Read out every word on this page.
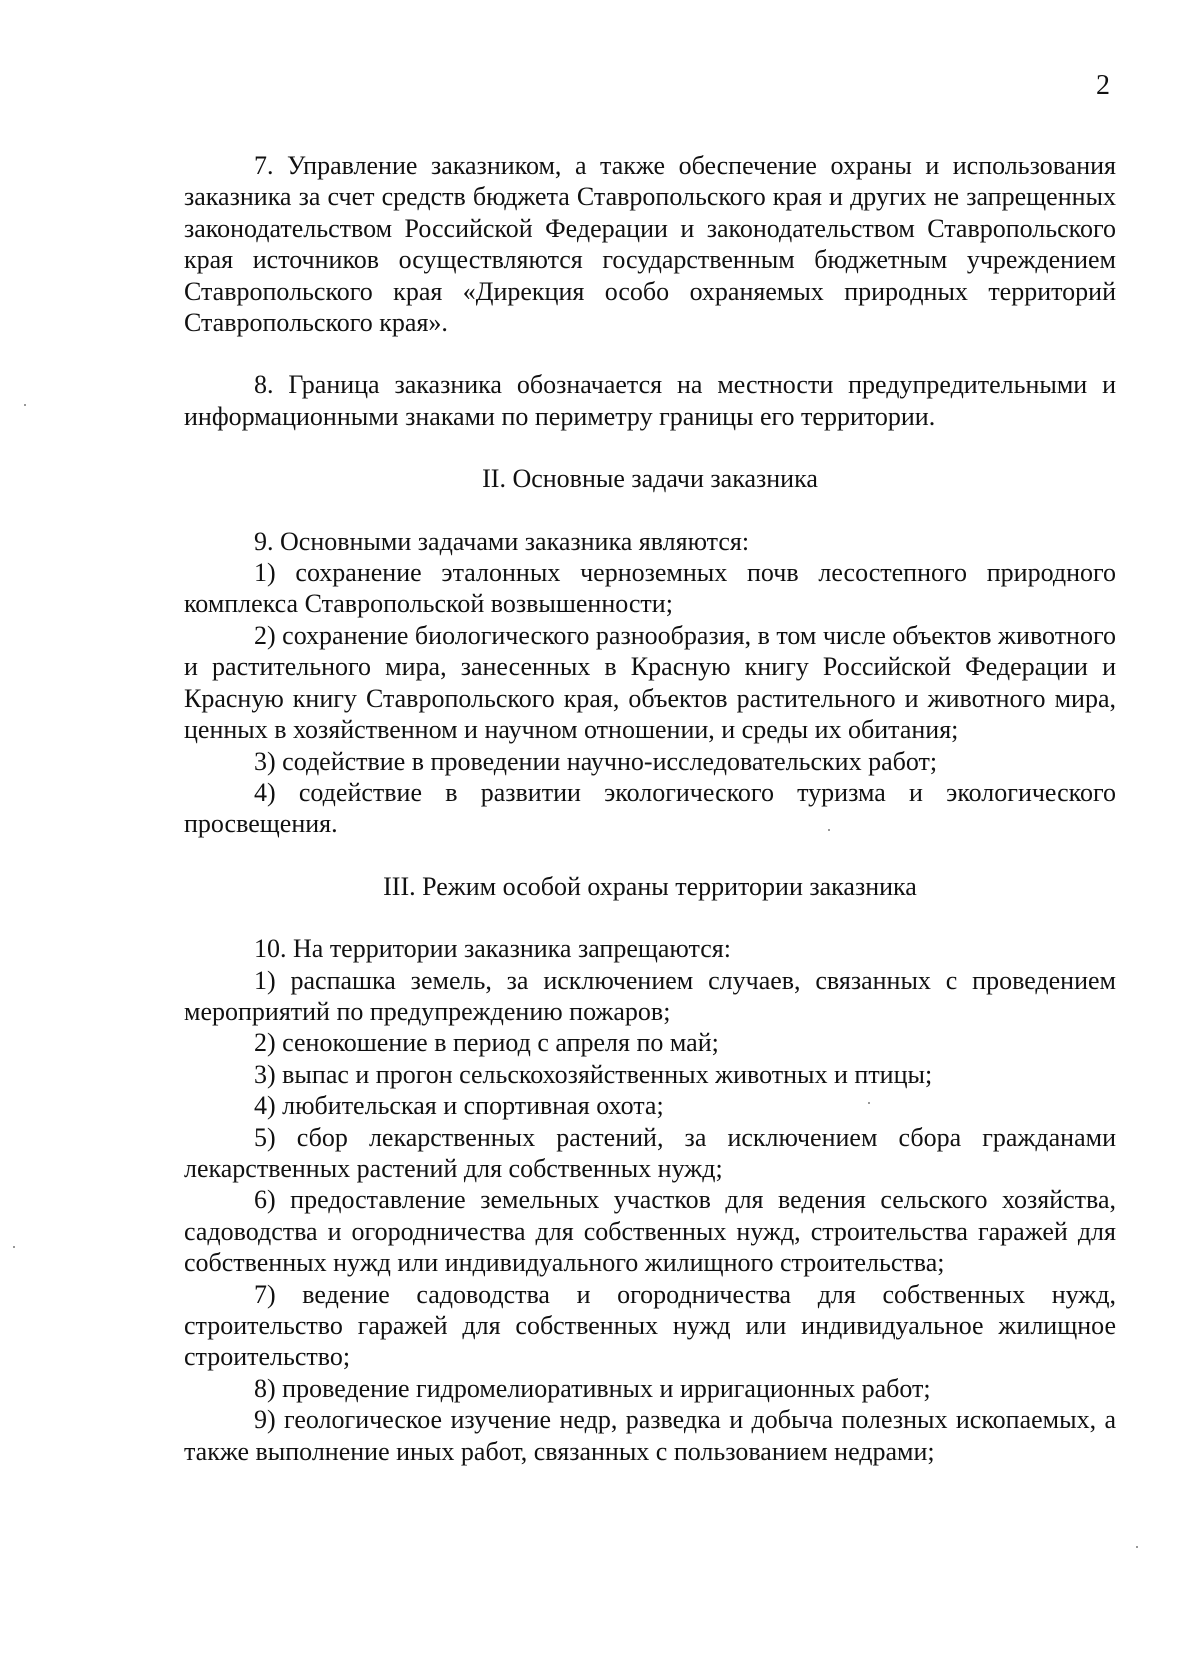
2

7. Управление заказником, а также обеспечение охраны и использования заказника за счет средств бюджета Ставропольского края и других не запрещенных законодательством Российской Федерации и законодательством Ставропольского края источников осуществляются государственным бюджетным учреждением Ставропольского края «Дирекция особо охраняемых природных территорий Ставропольского края».

8. Граница заказника обозначается на местности предупредительными и информационными знаками по периметру границы его территории.

II. Основные задачи заказника

9. Основными задачами заказника являются:

1) сохранение эталонных черноземных почв лесостепного природного комплекса Ставропольской возвышенности;

2) сохранение биологического разнообразия, в том числе объектов животного и растительного мира, занесенных в Красную книгу Российской Федерации и Красную книгу Ставропольского края, объектов растительного и животного мира, ценных в хозяйственном и научном отношении, и среды их обитания;

3) содействие в проведении научно-исследовательских работ;

4) содействие в развитии экологического туризма и экологического просвещения.

III. Режим особой охраны территории заказника

10. На территории заказника запрещаются:

1) распашка земель, за исключением случаев, связанных с проведением мероприятий по предупреждению пожаров;

2) сенокошение в период с апреля по май;

3) выпас и прогон сельскохозяйственных животных и птицы;

4) любительская и спортивная охота;

5) сбор лекарственных растений, за исключением сбора гражданами лекарственных растений для собственных нужд;

6) предоставление земельных участков для ведения сельского хозяйства, садоводства и огородничества для собственных нужд, строительства гаражей для собственных нужд или индивидуального жилищного строительства;

7) ведение садоводства и огородничества для собственных нужд, строительство гаражей для собственных нужд или индивидуальное жилищное строительство;

8) проведение гидромелиоративных и ирригационных работ;

9) геологическое изучение недр, разведка и добыча полезных ископаемых, а также выполнение иных работ, связанных с пользованием недрами;
